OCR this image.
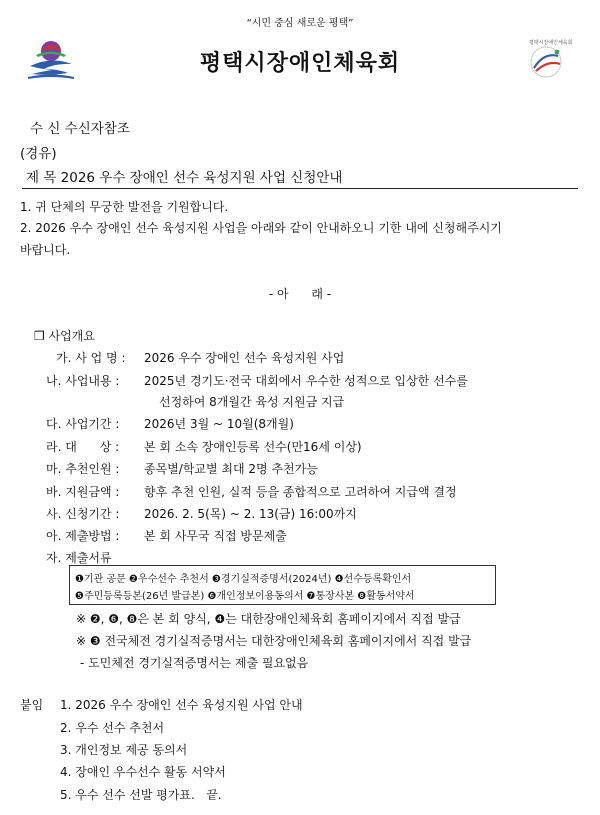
“시민 중심 새로운 평택”
평택시장애인체육회
평택시장애인체육회
수 신 수신자참조
(경유)
제 목 2026 우수 장애인 선수 육성지원 사업 신청안내
1. 귀 단체의 무궁한 발전을 기원합니다.
2. 2026 우수 장애인 선수 육성지원 사업을 아래와 같이 안내하오니 기한 내에 신청해주시기
바랍니다.
- 아      래 -
❒ 사업개요
가. 사 업 명 : 2026 우수 장애인 선수 육성지원 사업
나. 사업내용 : 2025년 경기도·전국 대회에서 우수한 성적으로 입상한 선수를
선정하여 8개월간 육성 지원금 지급
다. 사업기간 : 2026년 3월 ~ 10월(8개월)
라. 대      상 : 본 회 소속 장애인등록 선수(만16세 이상)
마. 추천인원 : 종목별/학교별 최대 2명 추천가능
바. 지원금액 : 향후 추천 인원, 실적 등을 종합적으로 고려하여 지급액 결정
사. 신청기간 : 2026. 2. 5(목) ~ 2. 13(금) 16:00까지
아. 제출방법 : 본 회 사무국 직접 방문제출
자. 제출서류
❶기관 공문 ❷우수선수 추천서 ❸경기실적증명서(2024년) ❹선수등록확인서
❺주민등록등본(26년 발급본) ❻개인정보이용동의서 ❼통장사본 ❽활동서약서
※ ❷, ❻, ❽은 본 회 양식, ❹는 대한장애인체육회 홈페이지에서 직접 발급
※ ❸ 전국체전 경기실적증명서는 대한장애인체육회 홈페이지에서 직접 발급
- 도민체전 경기실적증명서는 제출 필요없음
붙임 1. 2026 우수 장애인 선수 육성지원 사업 안내
2. 우수 선수 추천서
3. 개인정보 제공 동의서
4. 장애인 우수선수 활동 서약서
5. 우수 선수 선발 평가표.   끝.
